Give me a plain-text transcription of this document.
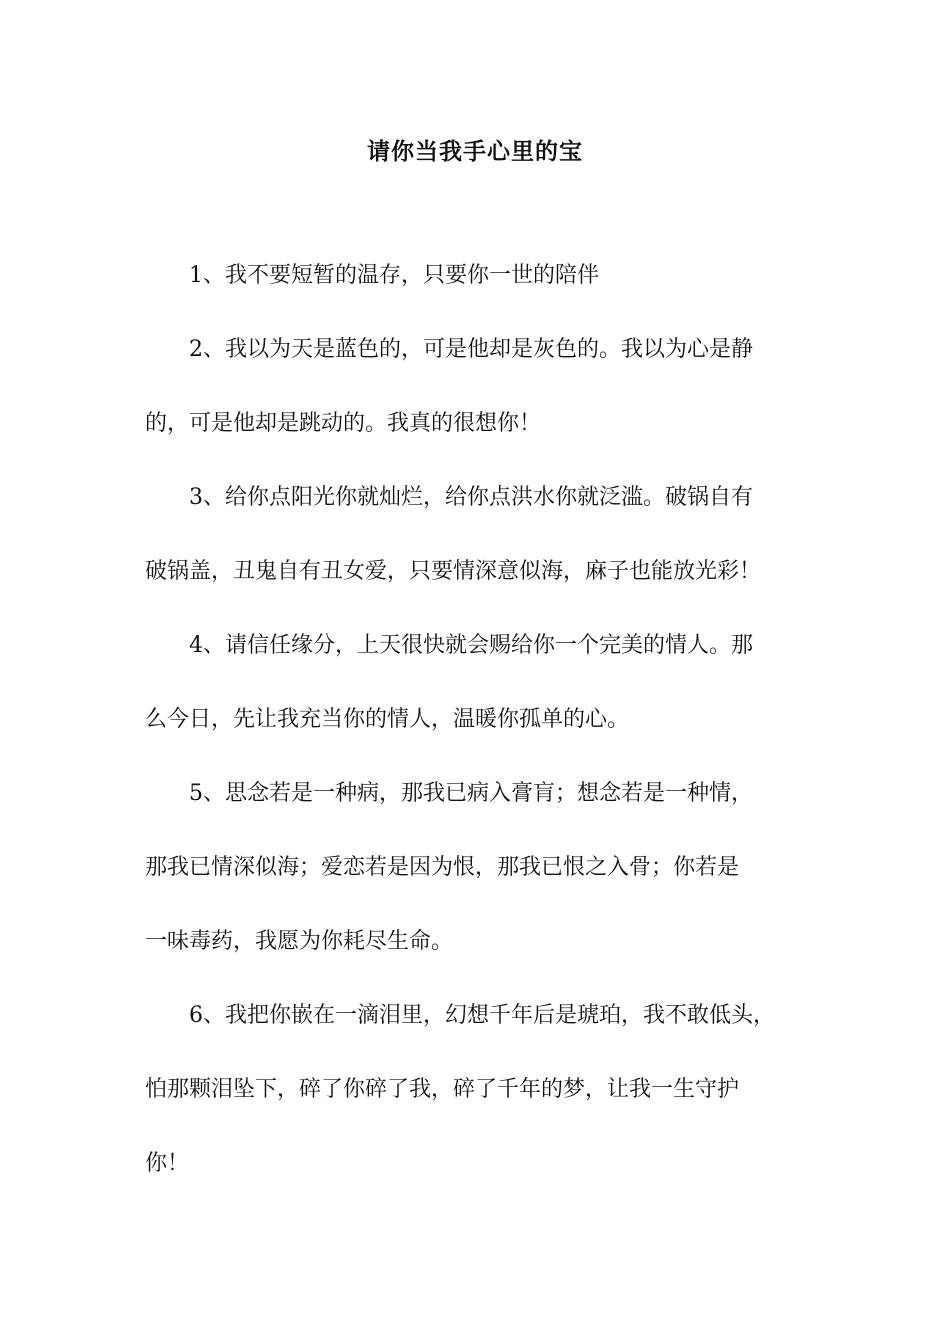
请你当我手心里的宝
1、我不要短暂的温存，只要你一世的陪伴
2、我以为天是蓝色的，可是他却是灰色的。我以为心是静
的，可是他却是跳动的。我真的很想你！
3、给你点阳光你就灿烂，给你点洪水你就泛滥。破锅自有
破锅盖，丑鬼自有丑女爱，只要情深意似海，麻子也能放光彩！
4、请信任缘分，上天很快就会赐给你一个完美的情人。那
么今日，先让我充当你的情人，温暖你孤单的心。
5、思念若是一种病，那我已病入膏肓；想念若是一种情，
那我已情深似海；爱恋若是因为恨，那我已恨之入骨；你若是
一味毒药，我愿为你耗尽生命。
6、我把你嵌在一滴泪里，幻想千年后是琥珀，我不敢低头，
怕那颗泪坠下，碎了你碎了我，碎了千年的梦，让我一生守护
你！
